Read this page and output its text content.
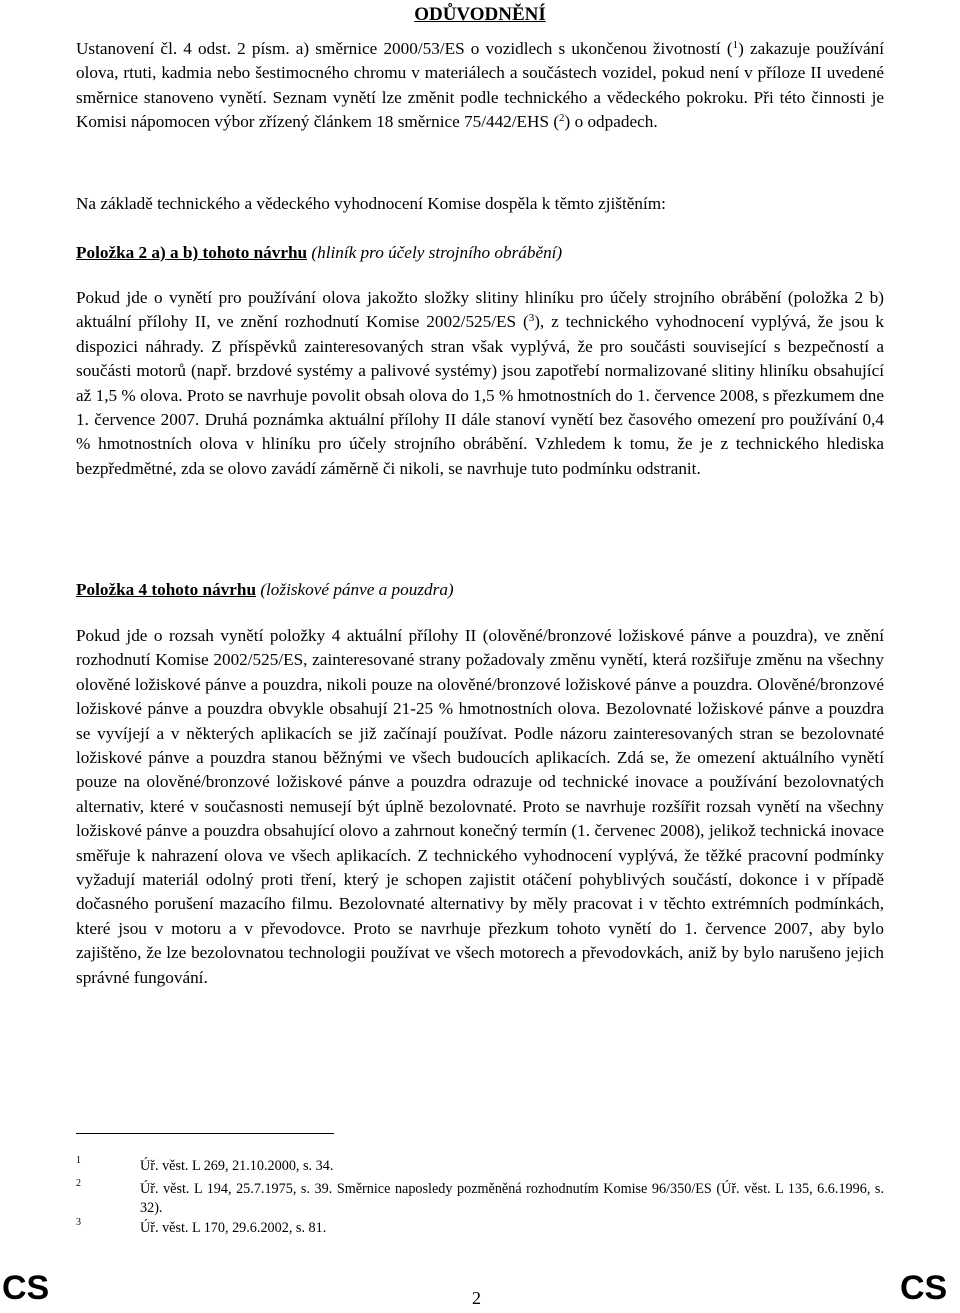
ODŮVODNĚNÍ

Ustanovení čl. 4 odst. 2 písm. a) směrnice 2000/53/ES o vozidlech s ukončenou životností ($^1$) zakazuje používání olova, rtuti, kadmia nebo šestimocného chromu v materiálech a součástech vozidel, pokud není v příloze II uvedené směrnice stanoveno vynětí. Seznam vynětí lze změnit podle technického a vědeckého pokroku. Při této činnosti je Komisi nápomocen výbor zřízený článkem 18 směrnice 75/442/EHS ($^2$) o odpadech.

Na základě technického a vědeckého vyhodnocení Komise dospěla k těmto zjištěním:

Položka 2 a) a b) tohoto návrhu (hliník pro účely strojního obrábění)

Pokud jde o vynětí pro používání olova jakožto složky slitiny hliníku pro účely strojního obrábění (položka 2 b) aktuální přílohy II, ve znění rozhodnutí Komise 2002/525/ES ($^3$), z technického vyhodnocení vyplývá, že jsou k dispozici náhrady. Z příspěvků zainteresovaných stran však vyplývá, že pro součásti související s bezpečností a součásti motorů (např. brzdové systémy a palivové systémy) jsou zapotřebí normalizované slitiny hliníku obsahující až 1,5 % olova. Proto se navrhuje povolit obsah olova do 1,5 % hmotnostních do 1. července 2008, s přezkumem dne 1. července 2007. Druhá poznámka aktuální přílohy II dále stanoví vynětí bez časového omezení pro používání 0,4 % hmotnostních olova v hliníku pro účely strojního obrábění. Vzhledem k tomu, že je z technického hlediska bezpředmětné, zda se olovo zavádí záměrně či nikoli, se navrhuje tuto podmínku odstranit.

Položka 4 tohoto návrhu (ložiskové pánve a pouzdra)

Pokud jde o rozsah vynětí položky 4 aktuální přílohy II (olověné/bronzové ložiskové pánve a pouzdra), ve znění rozhodnutí Komise 2002/525/ES, zainteresované strany požadovaly změnu vynětí, která rozšiřuje změnu na všechny olověné ložiskové pánve a pouzdra, nikoli pouze na olověné/bronzové ložiskové pánve a pouzdra. Olověné/bronzové ložiskové pánve a pouzdra obvykle obsahují 21-25 % hmotnostních olova. Bezolovnaté ložiskové pánve a pouzdra se vyvíjejí a v některých aplikacích se již začínají používat. Podle názoru zainteresovaných stran se bezolovnaté ložiskové pánve a pouzdra stanou běžnými ve všech budoucích aplikacích. Zdá se, že omezení aktuálního vynětí pouze na olověné/bronzové ložiskové pánve a pouzdra odrazuje od technické inovace a používání bezolovnatých alternativ, které v současnosti nemusejí být úplně bezolovnaté. Proto se navrhuje rozšířit rozsah vynětí na všechny ložiskové pánve a pouzdra obsahující olovo a zahrnout konečný termín (1. červenec 2008), jelikož technická inovace směřuje k nahrazení olova ve všech aplikacích. Z technického vyhodnocení vyplývá, že těžké pracovní podmínky vyžadují materiál odolný proti tření, který je schopen zajistit otáčení pohyblivých součástí, dokonce i v případě dočasného porušení mazacího filmu. Bezolovnaté alternativy by měly pracovat i v těchto extrémních podmínkách, které jsou v motoru a v převodovce. Proto se navrhuje přezkum tohoto vynětí do 1. července 2007, aby bylo zajištěno, že lze bezolovnatou technologii používat ve všech motorech a převodovkách, aniž by bylo narušeno jejich správné fungování.

1	Úř. věst. L 269, 21.10.2000, s. 34.
2	Úř. věst. L 194, 25.7.1975, s. 39. Směrnice naposledy pozměněná rozhodnutím Komise 96/350/ES (Úř. věst. L 135, 6.6.1996, s. 32).
3	Úř. věst. L 170, 29.6.2002, s. 81.
CS	2	CS
